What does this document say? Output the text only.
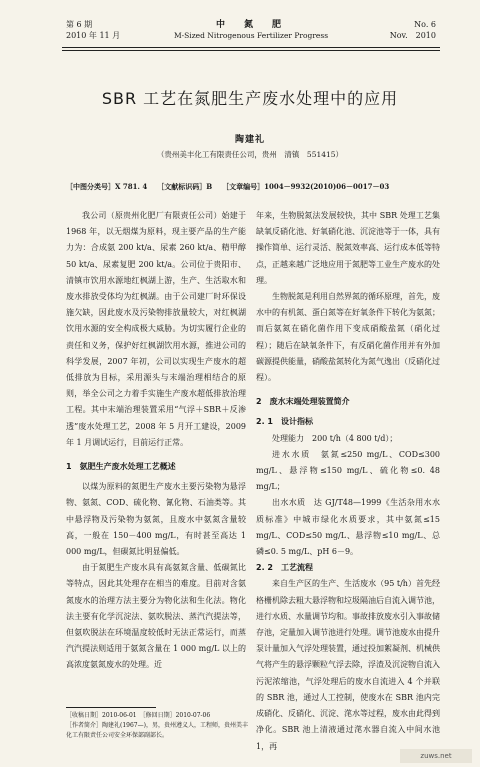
第 6 期	中　氮　肥	No. 6
2010 年 11 月	M-Sized Nitrogenous Fertilizer Progress	Nov.　2010
SBR 工艺在氮肥生产废水处理中的应用
陶建礼
（贵州美丰化工有限责任公司，贵州　清镇　551415）
［中图分类号］X 781. 4 ［文献标识码］B ［文章编号］1004－9932(2010)06－0017－03

我公司（原贵州化肥厂有限责任公司）始建于 1968 年，以无烟煤为原料，现主要产品的生产能力为：合成氨 200 kt/a、尿素 260 kt/a、精甲醇 50 kt/a、尿素复肥 200 kt/a。公司位于贵阳市、清镇市饮用水源地红枫湖上游，生产、生活取水和废水排放受体均为红枫湖。由于公司建厂时环保设施欠缺，因此废水及污染物排放量较大，对红枫湖饮用水源的安全构成极大威胁。为切实履行企业的责任和义务，保护好红枫湖饮用水源，推进公司的科学发展，2007 年初，公司以实现生产废水的超低排放为目标，采用源头与末端治理相结合的原则，举全公司之力着手实施生产废水超低排放治理工程。其中末端治理装置采用“气浮＋SBR＋反渗透”废水处理工艺，2008 年 5 月开工建设，2009 年 1 月调试运行，目前运行正常。

1　氨肥生产废水处理工艺概述

以煤为原料的氮肥生产废水主要污染物为悬浮物、氨氮、COD、硫化物、氰化物、石油类等。其中悬浮物及污染物为氨氮，且废水中氨氮含量较高，一般在 150－400 mg/L，有时甚至高达 1 000 mg/L，但碳氮比明显偏低。

由于氮肥生产废水具有高氨氮含量、低碳氮比等特点，因此其处理存在相当的难度。目前对含氨氮废水的治理方法主要分为物化法和生化法。物化法主要有化学沉淀法、氨吹脱法、蒸汽汽提法等，但氨吹脱法在环境温度较低时无法正常运行，而蒸汽汽提法则适用于氨氮含量在 1 000 mg/L 以上的高浓度氨氮废水的处理。近

年来，生物脱氮法发展较快，其中 SBR 处理工艺集缺氧反硝化池、好氧硝化池、沉淀池等于一体，具有操作简单、运行灵活、脱氮效率高、运行成本低等特点，正越来越广泛地应用于氮肥等工业生产废水的处理。

生物脱氮是利用自然界氮的循环原理，首先，废水中的有机氮、蛋白氮等在好氧条件下转化为氨氮；而后氨氮在硝化菌作用下变成硝酸盐氮（硝化过程）；随后在缺氧条件下，有反硝化菌作用并有外加碳源提供能量，硝酸盐氮转化为氮气逸出（反硝化过程）。

2　废水末端处理装置简介
2. 1　设计指标

处理能力　200 t/h（4 800 t/d）；

进水水质　氨氮≤250 mg/L、COD≤300 mg/L、悬浮物≤150 mg/L、硫化物≤0. 48 mg/L；

出水水质　达 GJ/T48—1999《生活杂用水水质标准》中城市绿化水质要求，其中氨氮≤15 mg/L、COD≤50 mg/L、悬浮物≤10 mg/L、总磷≤0. 5 mg/L、pH 6－9。

2. 2　工艺流程

来自生产区的生产、生活废水（95 t/h）首先经格栅机除去粗大悬浮物和垃圾隔油后自流入调节池，进行水质、水量调节均和。事故排放废水引入事故储存池，定量加入调节池进行处理。调节池废水由提升泵计量加入气浮处理装置，通过投加絮凝剂、机械供气将产生的悬浮颗粒气浮去除，浮渣及沉淀物自流入污泥浓缩池，气浮处理后的废水自流进入 4 个并联的 SBR 池，通过人工控制，使废水在 SBR 池内完成硝化、反硝化、沉淀、滗水等过程，废水由此得到净化。SBR 池上清液通过滗水器自流入中间水池 1，再

［收稿日期］2010-06-01　［修回日期］2010-07-06
［作者简介］陶建礼(1967—)，男，贵州遵义人，工程师，贵州美丰化工有限责任公司安全环保部副部长。
zuws.net
